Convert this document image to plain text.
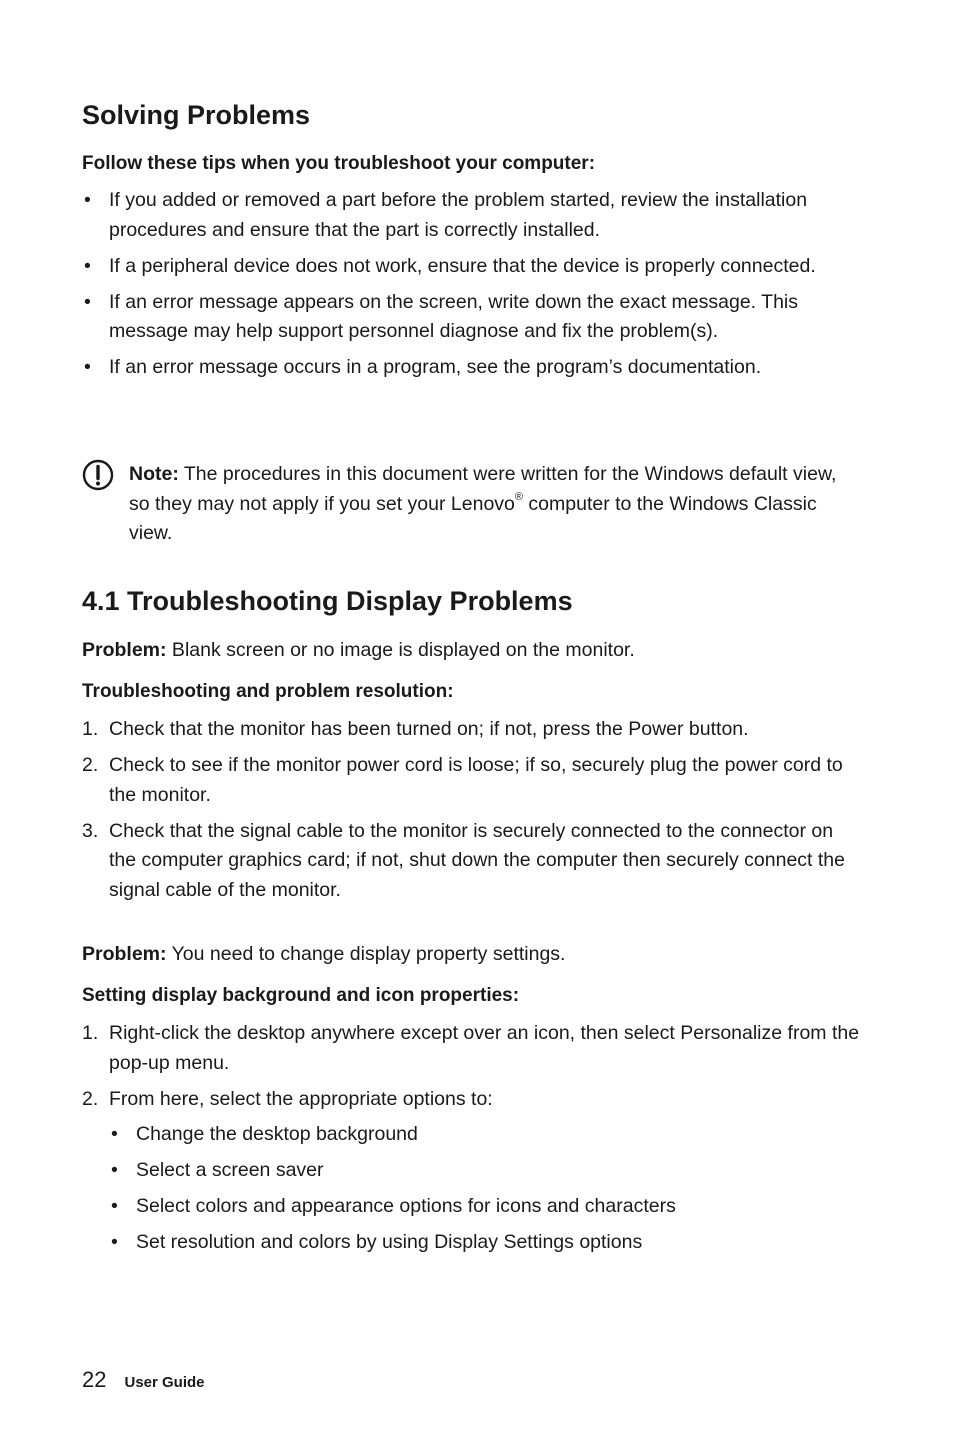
Solving Problems

Follow these tips when you troubleshoot your computer:

• If you added or removed a part before the problem started, review the installation procedures and ensure that the part is correctly installed.
• If a peripheral device does not work, ensure that the device is properly connected.
• If an error message appears on the screen, write down the exact message. This message may help support personnel diagnose and fix the problem(s).
• If an error message occurs in a program, see the program’s documentation.
Note: The procedures in this document were written for the Windows default view, so they may not apply if you set your Lenovo® computer to the Windows Classic view.
4.1 Troubleshooting Display Problems
Problem: Blank screen or no image is displayed on the monitor.

Troubleshooting and problem resolution:

1. Check that the monitor has been turned on; if not, press the Power button.
2. Check to see if the monitor power cord is loose; if so, securely plug the power cord to the monitor.
3. Check that the signal cable to the monitor is securely connected to the connector on the computer graphics card; if not, shut down the computer then securely connect the signal cable of the monitor.
Problem: You need to change display property settings.

Setting display background and icon properties:

1. Right-click the desktop anywhere except over an icon, then select Personalize from the pop-up menu.
2. From here, select the appropriate options to:
• Change the desktop background
• Select a screen saver
• Select colors and appearance options for icons and characters
• Set resolution and colors by using Display Settings options
22 User Guide
